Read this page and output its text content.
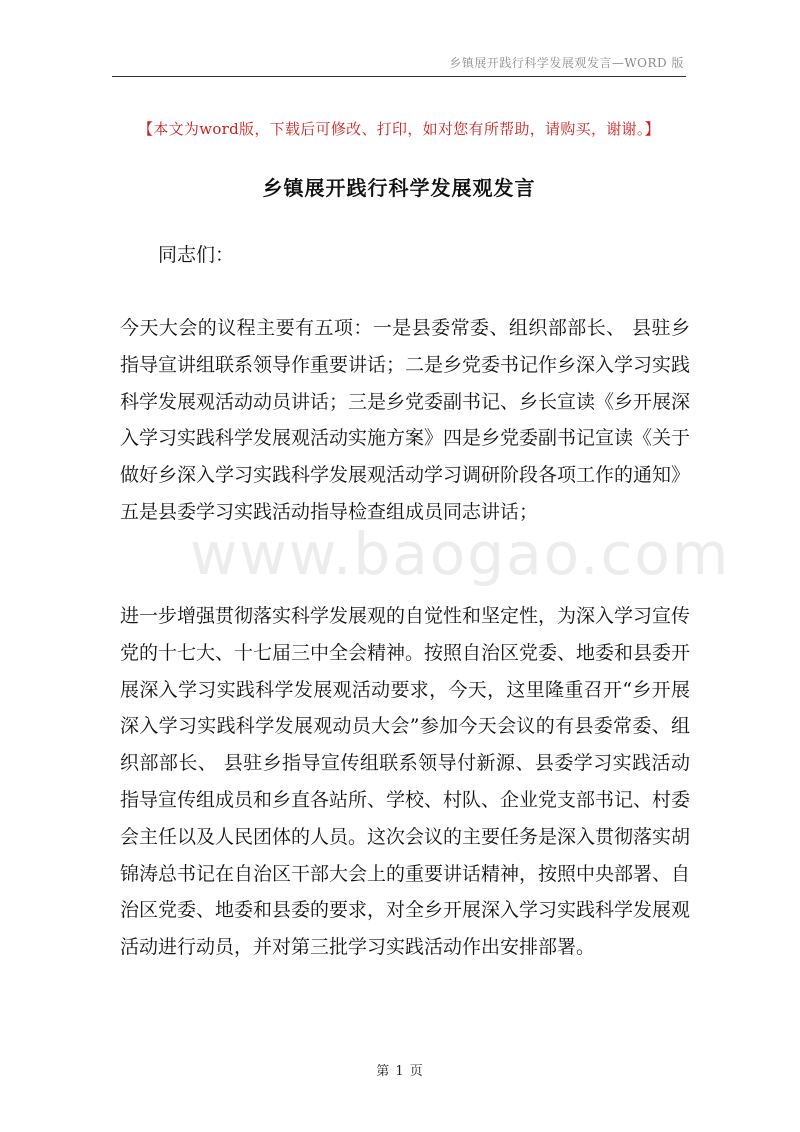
乡镇展开践行科学发展观发言—WORD 版
【本文为word版，下载后可修改、打印，如对您有所帮助，请购买，谢谢。】
乡镇展开践行科学发展观发言
同志们：

今天大会的议程主要有五项：一是县委常委、组织部部长、 县驻乡指导宣讲组联系领导作重要讲话；二是乡党委书记作乡深入学习实践科学发展观活动动员讲话；三是乡党委副书记、乡长宣读《乡开展深入学习实践科学发展观活动实施方案》四是乡党委副书记宣读《关于做好乡深入学习实践科学发展观活动学习调研阶段各项工作的通知》五是县委学习实践活动指导检查组成员同志讲话；

进一步增强贯彻落实科学发展观的自觉性和坚定性，为深入学习宣传党的十七大、十七届三中全会精神。按照自治区党委、地委和县委开展深入学习实践科学发展观活动要求，今天，这里隆重召开“乡开展深入学习实践科学发展观动员大会”参加今天会议的有县委常委、组织部部长、 县驻乡指导宣传组联系领导付新源、县委学习实践活动指导宣传组成员和乡直各站所、学校、村队、企业党支部书记、村委会主任以及人民团体的人员。这次会议的主要任务是深入贯彻落实胡锦涛总书记在自治区干部大会上的重要讲话精神，按照中央部署、自治区党委、地委和县委的要求，对全乡开展深入学习实践科学发展观活动进行动员，并对第三批学习实践活动作出安排部署。

www.baogao.com
第 1 页
